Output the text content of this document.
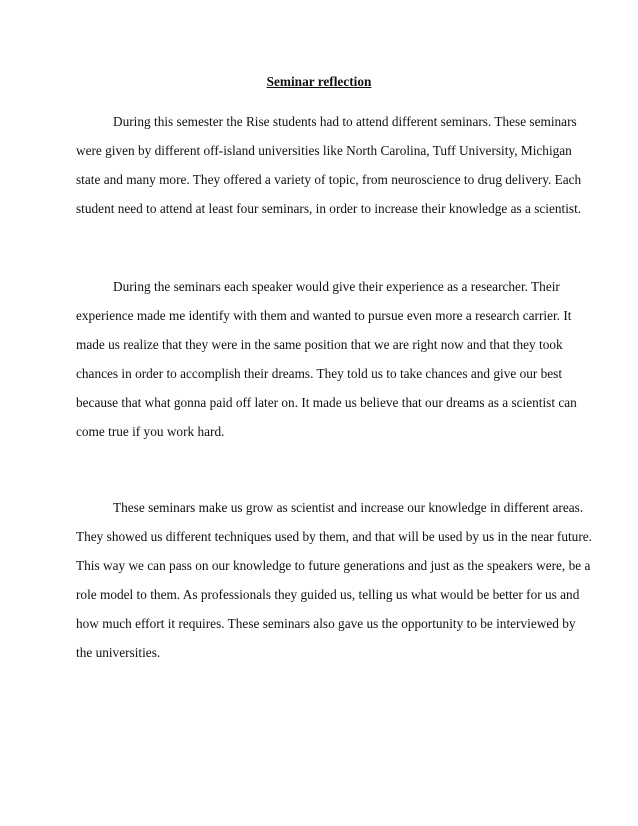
Seminar reflection
During this semester the Rise students had to attend different seminars. These seminars
were given by different off-island universities like North Carolina, Tuff University, Michigan
state and many more. They offered a variety of topic, from neuroscience to drug delivery. Each
student need to attend at least four seminars, in order to increase their knowledge as a scientist.
During the seminars each speaker would give their experience as a researcher. Their
experience made me identify with them and wanted to pursue even more a research carrier. It
made us realize that they were in the same position that we are right now and that they took
chances in order to accomplish their dreams. They told us to take chances and give our best
because that what gonna paid off later on. It made us believe that our dreams as a scientist can
come true if you work hard.
These seminars make us grow as scientist and increase our knowledge in different areas.
They showed us different techniques used by them, and that will be used by us in the near future.
This way we can pass on our knowledge to future generations and just as the speakers were, be a
role model to them. As professionals they guided us, telling us what would be better for us and
how much effort it requires. These seminars also gave us the opportunity to be interviewed by
the universities.
